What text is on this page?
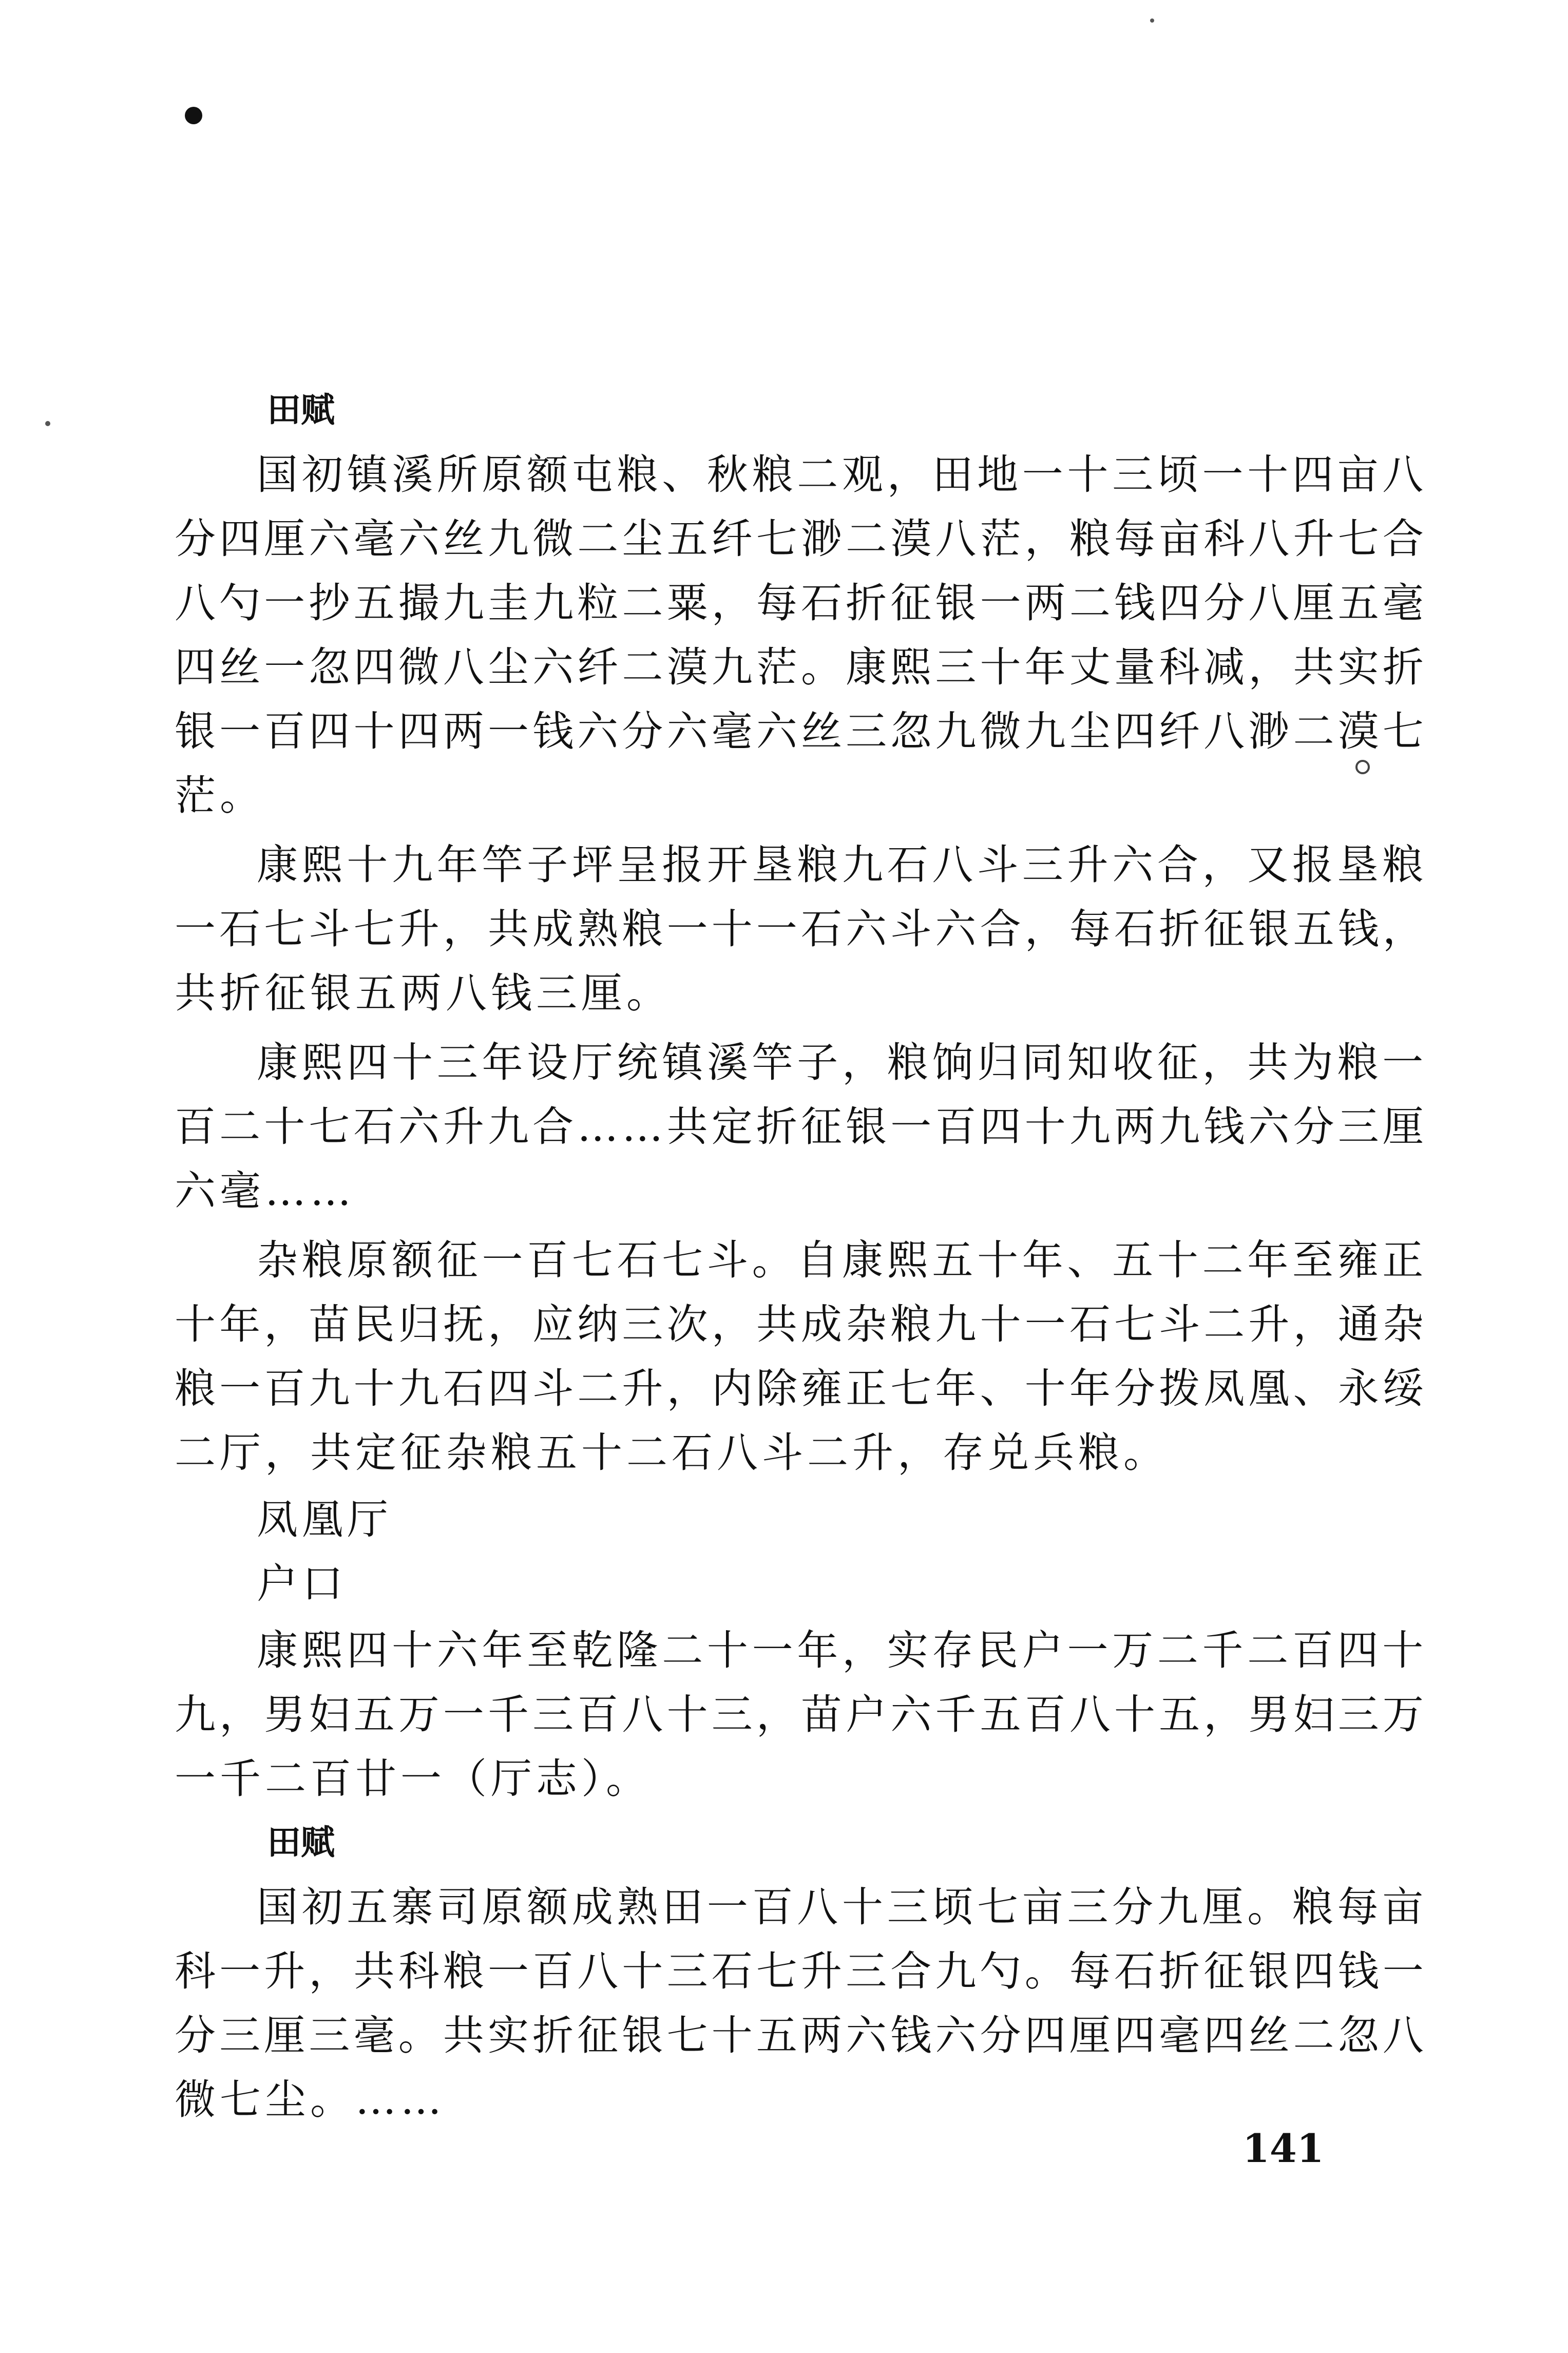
田赋
国初镇溪所原额屯粮、秋粮二观，田地一十三顷一十四亩八
分四厘六毫六丝九微二尘五纤七渺二漠八茫，粮每亩科八升七合
八勺一抄五撮九圭九粒二粟，每石折征银一两二钱四分八厘五毫
四丝一忽四微八尘六纤二漠九茫。康熙三十年丈量科减，共实折
银一百四十四两一钱六分六毫六丝三忽九微九尘四纤八渺二漠七
茫。
康熙十九年竿子坪呈报开垦粮九石八斗三升六合，又报垦粮
一石七斗七升，共成熟粮一十一石六斗六合，每石折征银五钱，
共折征银五两八钱三厘。
康熙四十三年设厅统镇溪竿子，粮饷归同知收征，共为粮一
百二十七石六升九合……共定折征银一百四十九两九钱六分三厘
六毫……
杂粮原额征一百七石七斗。自康熙五十年、五十二年至雍正
十年，苗民归抚，应纳三次，共成杂粮九十一石七斗二升，通杂
粮一百九十九石四斗二升，内除雍正七年、十年分拨凤凰、永绥
二厅，共定征杂粮五十二石八斗二升，存兑兵粮。
凤凰厅
户口
康熙四十六年至乾隆二十一年，实存民户一万二千二百四十
九，男妇五万一千三百八十三，苗户六千五百八十五，男妇三万
一千二百廿一（厅志）。
田赋
国初五寨司原额成熟田一百八十三顷七亩三分九厘。粮每亩
科一升，共科粮一百八十三石七升三合九勺。每石折征银四钱一
分三厘三毫。共实折征银七十五两六钱六分四厘四毫四丝二忽八
微七尘。……
141
